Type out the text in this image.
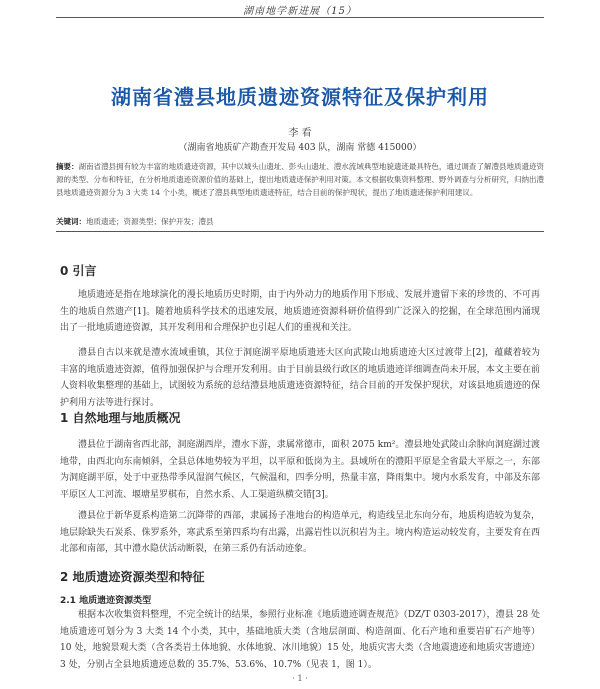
湖南地学新进展（15）
湖南省澧县地质遗迹资源特征及保护利用
李 看
（湖南省地质矿产勘查开发局 403 队，湖南 常德 415000）
摘要：湖南省澧县拥有较为丰富的地质遗迹资源，其中以城头山遗址、彭头山遗址、澧水流域典型地貌遗迹最具特色，通过调查了解澧县地质遗迹资源的类型、分布和特征，在分析地质遗迹资源价值的基础上，提出地质遗迹保护利用对策。本文根据收集资料整理、野外调查与分析研究，归纳出澧县地质遗迹资源分为 3 大类 14 个小类，概述了澧县典型地质遗迹特征，结合目前的保护现状，提出了地质遗迹保护利用建议。
关键词：地质遗迹；资源类型；保护开发；澧县
0 引言
地质遗迹是指在地球演化的漫长地质历史时期，由于内外动力的地质作用下形成、发展并遗留下来的珍贵的、不可再生的地质自然遗产[1]。随着地质科学技术的迅速发展，地质遗迹资源科研价值得到广泛深入的挖掘，在全球范围内涌现出了一批地质遗迹资源，其开发利用和合理保护也引起人们的重视和关注。
澧县自古以来就是澧水流域重镇，其位于洞庭湖平原地质遗迹大区向武陵山地质遗迹大区过渡带上[2]，蕴藏着较为丰富的地质遗迹资源，值得加强保护与合理开发利用。由于目前县级行政区的地质遗迹详细调查尚未开展，本文主要在前人资料收集整理的基础上，试图较为系统的总结澧县地质遗迹资源特征，结合目前的开发保护现状，对该县地质遗迹的保护利用方法等进行探讨。
1 自然地理与地质概况
澧县位于湖南省西北部，洞庭湖西岸，澧水下游，隶属常德市，面积 2075 km²。澧县地处武陵山余脉向洞庭湖过渡地带，由西北向东南倾斜，全县总体地势较为平坦，以平原和低岗为主。县域所在的澧阳平原是全省最大平原之一，东部为洞庭湖平原，处于中亚热带季风湿润气候区，气候温和，四季分明，热量丰富，降雨集中。境内水系发育，中部及东部平原区人工河流、堰塘星罗棋布，自然水系、人工渠道纵横交错[3]。
澧县位于新华夏系构造第二沉降带的西部，隶属扬子准地台的构造单元，构造线呈北东向分布，地质构造较为复杂，地层除缺失石炭系、侏罗系外，寒武系至第四系均有出露，出露岩性以沉积岩为主。境内构造运动较发育，主要发育在西北部和南部，其中澧水隐伏活动断裂，在第三系仍有活动迹象。
2 地质遗迹资源类型和特征
2.1 地质遗迹资源类型
根据本次收集资料整理，不完全统计的结果，参照行业标准《地质遗迹调查规范》（DZ/T 0303-2017），澧县 28 处地质遗迹可划分为 3 大类 14 个小类，其中，基础地质大类（含地层剖面、构造剖面、化石产地和重要岩矿石产地等）10 处，地貌景观大类（含各类岩土体地貌、水体地貌、冰川地貌）15 处，地质灾害大类（含地震遗迹和地质灾害遗迹）3 处，分别占全县地质遗迹总数的 35.7%、53.6%、10.7%（见表 1，图 1）。
· 1 ·
